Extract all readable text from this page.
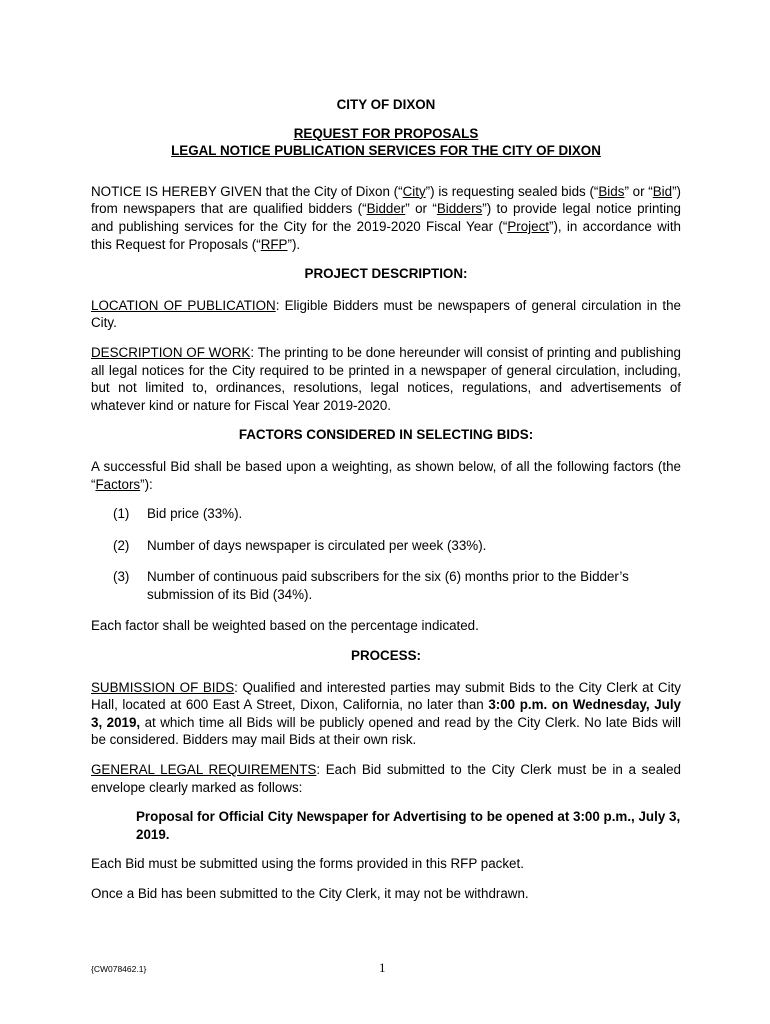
CITY OF DIXON
REQUEST FOR PROPOSALS
LEGAL NOTICE PUBLICATION SERVICES FOR THE CITY OF DIXON

NOTICE IS HEREBY GIVEN that the City of Dixon (“City”) is requesting sealed bids (“Bids” or “Bid”) from newspapers that are qualified bidders (“Bidder” or “Bidders”) to provide legal notice printing and publishing services for the City for the 2019-2020 Fiscal Year (“Project”), in accordance with this Request for Proposals (“RFP”).

PROJECT DESCRIPTION:

LOCATION OF PUBLICATION: Eligible Bidders must be newspapers of general circulation in the City.

DESCRIPTION OF WORK: The printing to be done hereunder will consist of printing and publishing all legal notices for the City required to be printed in a newspaper of general circulation, including, but not limited to, ordinances, resolutions, legal notices, regulations, and advertisements of whatever kind or nature for Fiscal Year 2019-2020.

FACTORS CONSIDERED IN SELECTING BIDS:

A successful Bid shall be based upon a weighting, as shown below, of all the following factors (the “Factors”):

(1) Bid price (33%).
(2) Number of days newspaper is circulated per week (33%).
(3) Number of continuous paid subscribers for the six (6) months prior to the Bidder’s submission of its Bid (34%).

Each factor shall be weighted based on the percentage indicated.

PROCESS:

SUBMISSION OF BIDS: Qualified and interested parties may submit Bids to the City Clerk at City Hall, located at 600 East A Street, Dixon, California, no later than 3:00 p.m. on Wednesday, July 3, 2019, at which time all Bids will be publicly opened and read by the City Clerk. No late Bids will be considered. Bidders may mail Bids at their own risk.

GENERAL LEGAL REQUIREMENTS: Each Bid submitted to the City Clerk must be in a sealed envelope clearly marked as follows:

Proposal for Official City Newspaper for Advertising to be opened at 3:00 p.m., July 3, 2019.

Each Bid must be submitted using the forms provided in this RFP packet.

Once a Bid has been submitted to the City Clerk, it may not be withdrawn.

{CW078462.1}	1
